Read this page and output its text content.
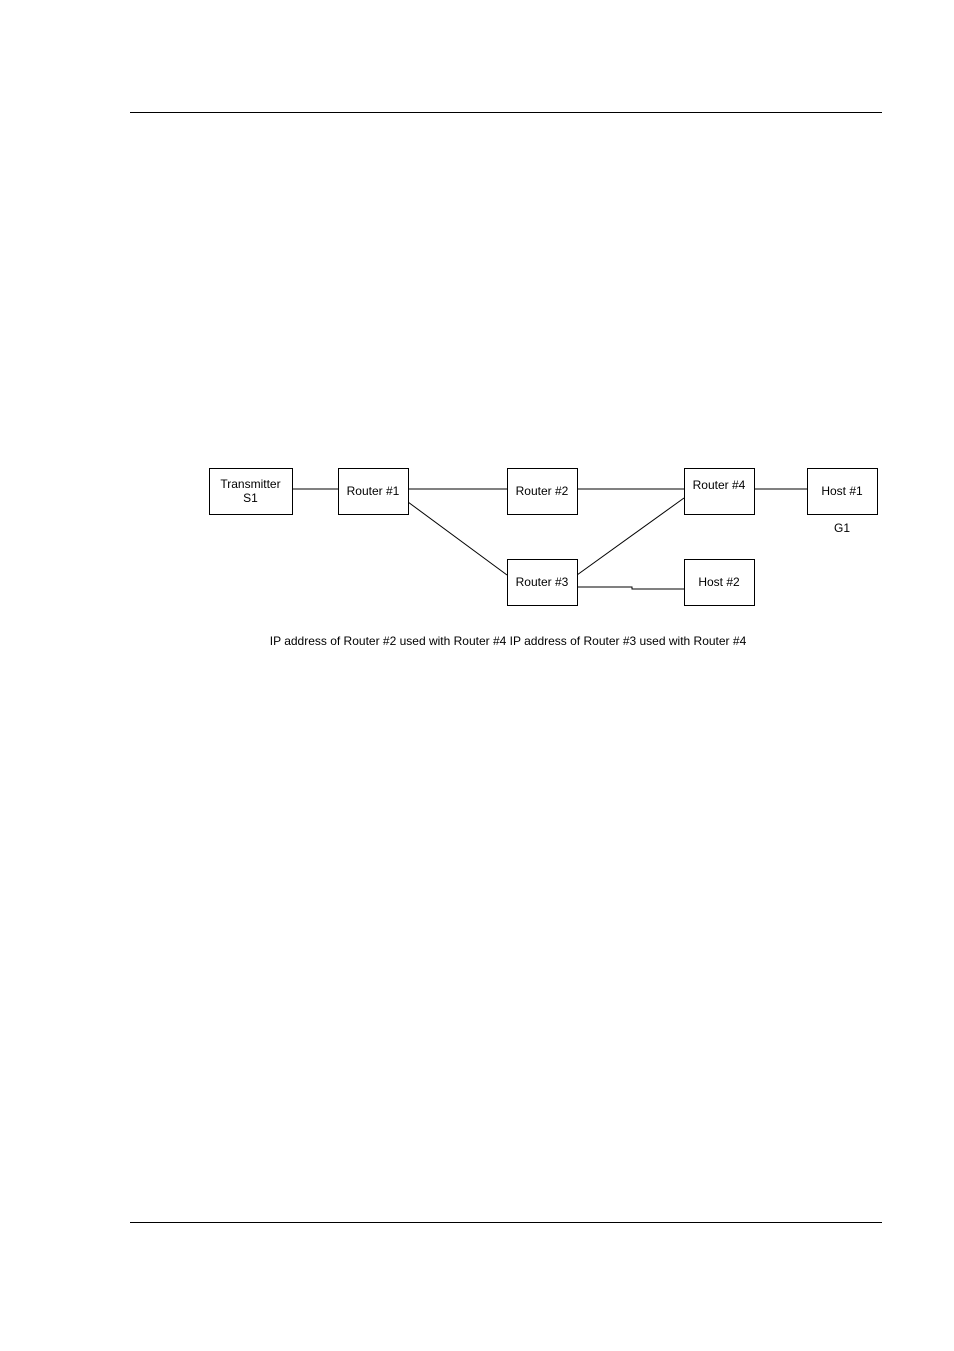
Transmitter
S1	Router #1	Router #2	Router #4	Host #1
Router #3	Host #2
G1
IP address of Router #2 used with Router #4 IP address of Router #3 used with Router #4
